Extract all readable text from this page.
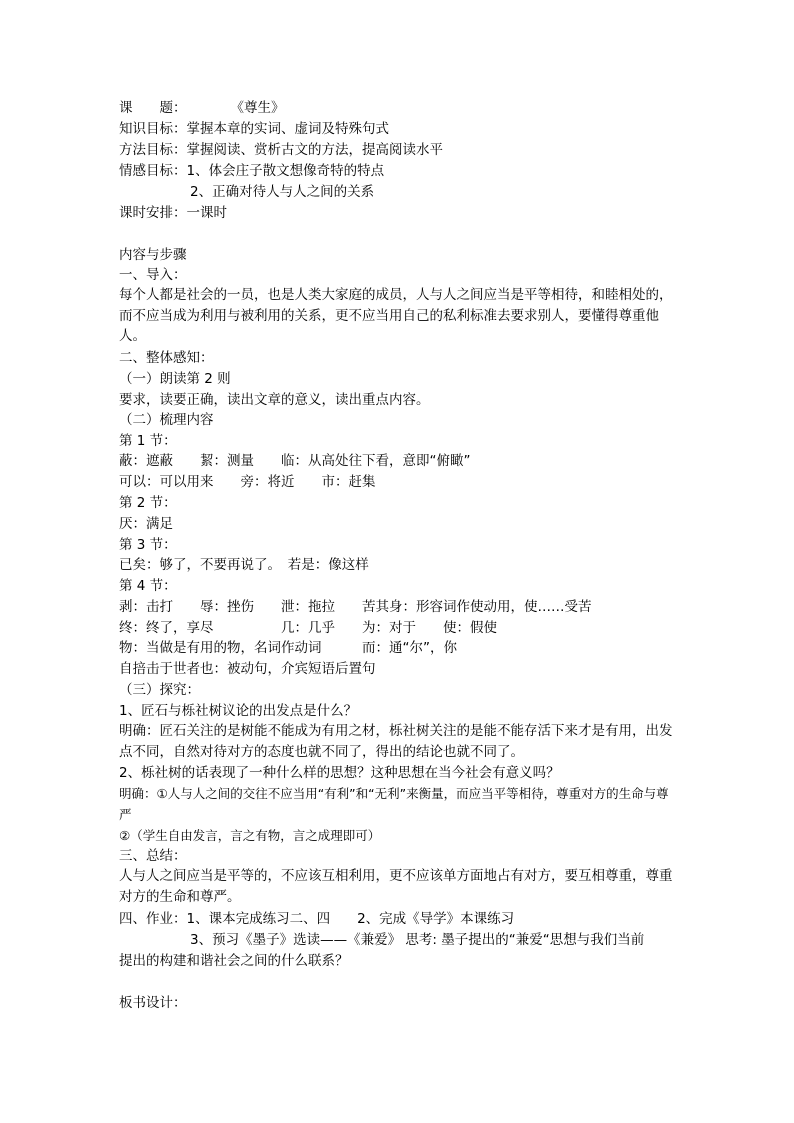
课　　题：	《尊生》
知识目标：掌握本章的实词、虚词及特殊句式
方法目标：掌握阅读、赏析古文的方法，提高阅读水平
情感目标：1、体会庄子散文想像奇特的特点
2、正确对待人与人之间的关系
课时安排：一课时
内容与步骤
一、导入：
每个人都是社会的一员，也是人类大家庭的成员，人与人之间应当是平等相待，和睦相处的，而不应当成为利用与被利用的关系，更不应当用自己的私利标准去要求别人，要懂得尊重他人。
二、整体感知：
（一）朗读第 2 则
要求，读要正确，读出文章的意义，读出重点内容。
（二）梳理内容
第 1 节：
蔽：遮蔽　　絜：测量　　临：从高处往下看，意即“俯瞰”
可以：可以用来　　旁：将近　　市：赶集
第 2 节：
厌：满足
第 3 节：
已矣：够了，不要再说了。　若是：像这样
第 4 节：
剥：击打　　辱：挫伤　　泄：拖拉　　苦其身：形容词作使动用，使……受苦
终：终了，享尽　　　　　几：几乎　　为：对于　　使：假使
物：当做是有用的物，名词作动词　　　而：通“尔”，你
自掊击于世者也：被动句，介宾短语后置句
（三）探究：
1、匠石与栎社树议论的出发点是什么？
明确：匠石关注的是树能不能成为有用之材，栎社树关注的是能不能存活下来才是有用，出发点不同，自然对待对方的态度也就不同了，得出的结论也就不同了。
2、栎社树的话表现了一种什么样的思想？这种思想在当今社会有意义吗？
明确：①人与人之间的交往不应当用“有利”和“无利”来衡量，而应当平等相待，尊重对方的生命与尊严
②（学生自由发言，言之有物，言之成理即可）
三、总结：
人与人之间应当是平等的，不应该互相利用，更不应该单方面地占有对方，要互相尊重，尊重对方的生命和尊严。
四、作业：1、课本完成练习二、四　　2、完成《导学》本课练习
3、预习《墨子》选读——《兼爱》 思考: 墨子提出的“兼爱“思想与我们当前
提出的构建和谐社会之间的什么联系？
板书设计：
